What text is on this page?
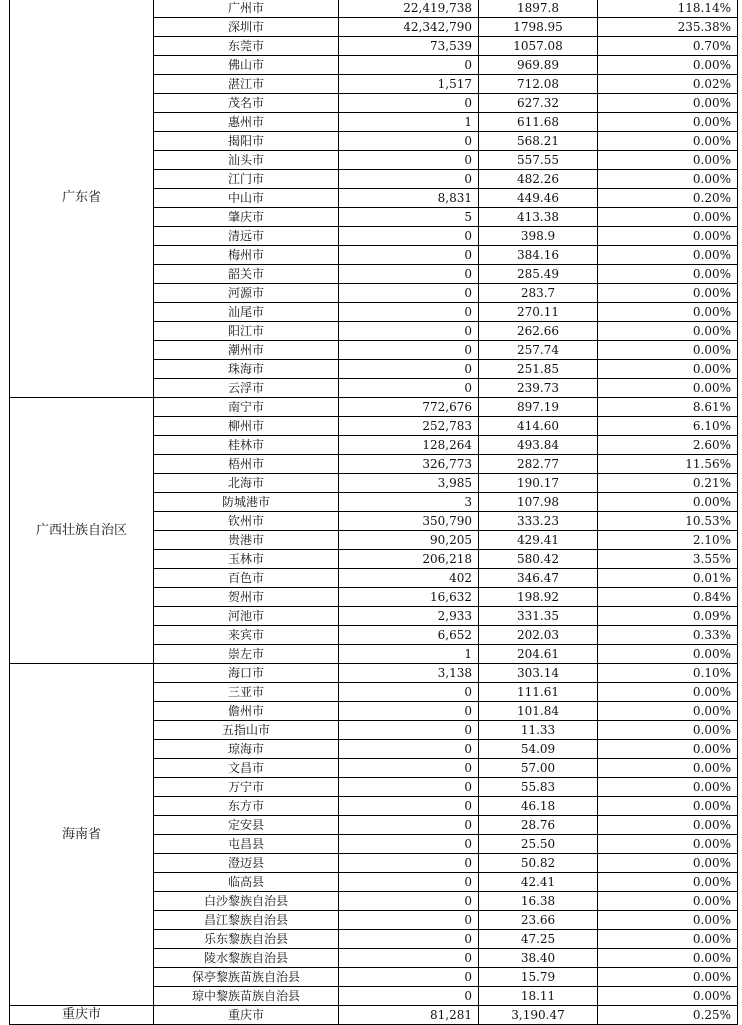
广东省	广州市	22,419,738	1897.8	118.14%
	深圳市	42,342,790	1798.95	235.38%
	东莞市	73,539	1057.08	0.70%
	佛山市	0	969.89	0.00%
	湛江市	1,517	712.08	0.02%
	茂名市	0	627.32	0.00%
	惠州市	1	611.68	0.00%
	揭阳市	0	568.21	0.00%
	汕头市	0	557.55	0.00%
	江门市	0	482.26	0.00%
	中山市	8,831	449.46	0.20%
	肇庆市	5	413.38	0.00%
	清远市	0	398.9	0.00%
	梅州市	0	384.16	0.00%
	韶关市	0	285.49	0.00%
	河源市	0	283.7	0.00%
	汕尾市	0	270.11	0.00%
	阳江市	0	262.66	0.00%
	潮州市	0	257.74	0.00%
	珠海市	0	251.85	0.00%
	云浮市	0	239.73	0.00%
广西壮族自治区	南宁市	772,676	897.19	8.61%
	柳州市	252,783	414.60	6.10%
	桂林市	128,264	493.84	2.60%
	梧州市	326,773	282.77	11.56%
	北海市	3,985	190.17	0.21%
	防城港市	3	107.98	0.00%
	钦州市	350,790	333.23	10.53%
	贵港市	90,205	429.41	2.10%
	玉林市	206,218	580.42	3.55%
	百色市	402	346.47	0.01%
	贺州市	16,632	198.92	0.84%
	河池市	2,933	331.35	0.09%
	来宾市	6,652	202.03	0.33%
	崇左市	1	204.61	0.00%
海南省	海口市	3,138	303.14	0.10%
	三亚市	0	111.61	0.00%
	儋州市	0	101.84	0.00%
	五指山市	0	11.33	0.00%
	琼海市	0	54.09	0.00%
	文昌市	0	57.00	0.00%
	万宁市	0	55.83	0.00%
	东方市	0	46.18	0.00%
	定安县	0	28.76	0.00%
	屯昌县	0	25.50	0.00%
	澄迈县	0	50.82	0.00%
	临高县	0	42.41	0.00%
	白沙黎族自治县	0	16.38	0.00%
	昌江黎族自治县	0	23.66	0.00%
	乐东黎族自治县	0	47.25	0.00%
	陵水黎族自治县	0	38.40	0.00%
	保亭黎族苗族自治县	0	15.79	0.00%
	琼中黎族苗族自治县	0	18.11	0.00%
重庆市	重庆市	81,281	3,190.47	0.25%
